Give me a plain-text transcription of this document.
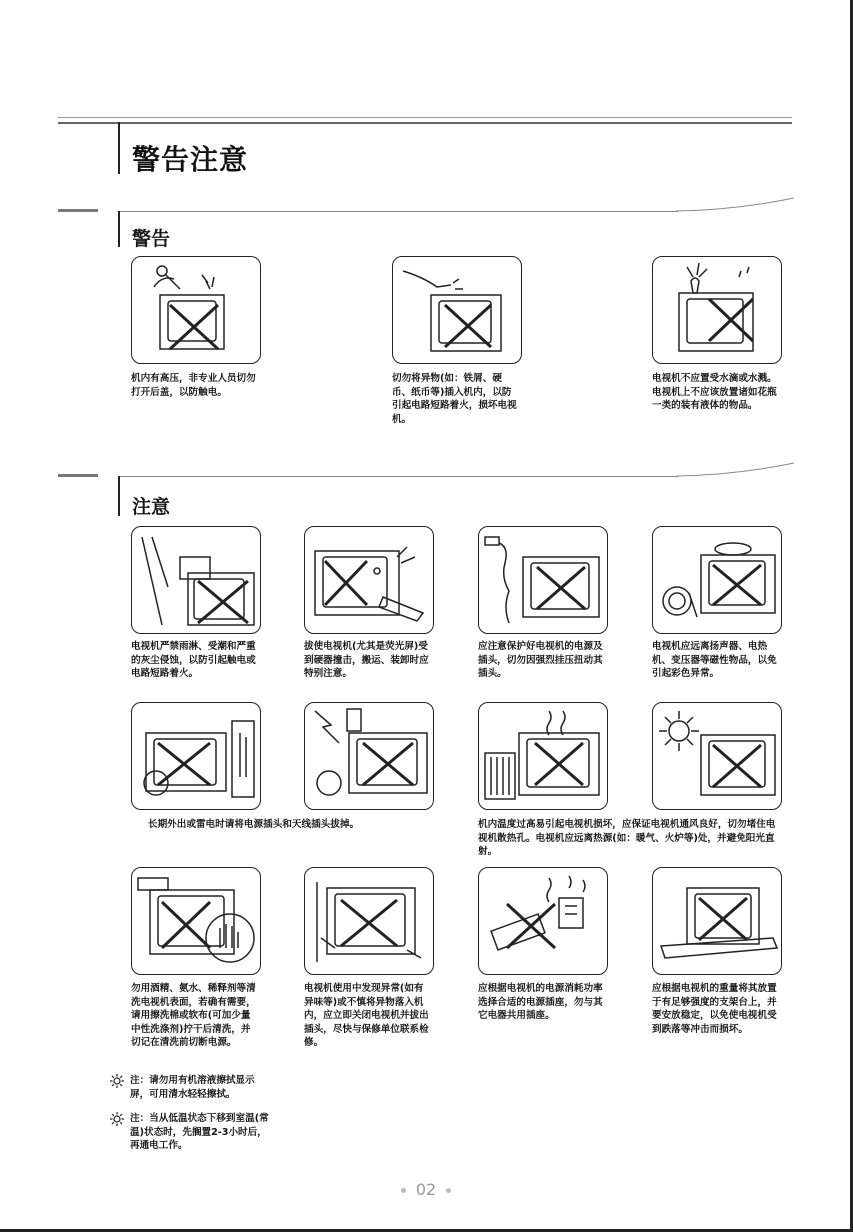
警告注意
警告
机内有高压，非专业人员切勿打开后盖，以防触电。
切勿将异物(如：铁屑、硬币、纸币等)插入机内，以防引起电路短路着火，损坏电视机。
电视机不应置受水滴或水溅。电视机上不应该放置诸如花瓶一类的装有液体的物品。
注意
电视机严禁雨淋、受潮和严重的灰尘侵蚀，以防引起触电或电路短路着火。
拔使电视机(尤其是荧光屏)受到硬器撞击，搬运、装卸时应特别注意。
应注意保护好电视机的电源及插头，切勿因强烈挂压扭动其插头。
电视机应远离扬声器、电热机、变压器等磁性物品，以免引起彩色异常。
长期外出或雷电时请将电源插头和天线插头拔掉。	机内温度过高易引起电视机损坏，应保证电视机通风良好，切勿堵住电视机散热孔。电视机应远离热源(如：暖气、火炉等)处，并避免阳光直射。
勿用酒精、氨水、稀释剂等清洗电视机表面，若确有需要，请用擦洗棉或软布(可加少量中性洗涤剂)拧干后清洗，并切记在清洗前切断电源。
电视机使用中发现异常(如有异味等)或不慎将异物落入机内，应立即关闭电视机并拔出插头，尽快与保修单位联系检修。
应根据电视机的电源消耗功率选择合适的电源插座，勿与其它电器共用插座。
应根据电视机的重量将其放置于有足够强度的支架台上，并要安放稳定，以免使电视机受到跌落等冲击而损坏。
注：请勿用有机溶液擦拭显示屏，可用清水轻轻擦拭。
注：当从低温状态下移到室温(常温)状态时，先搁置2-3小时后，再通电工作。
02
